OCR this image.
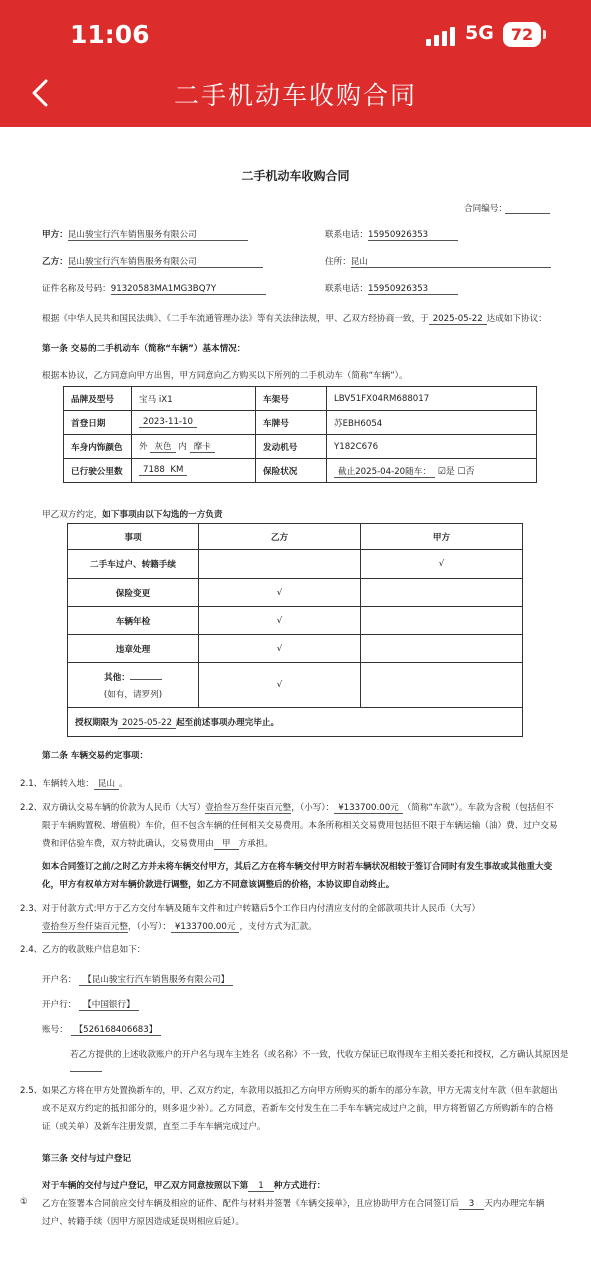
11:06	5G	72
二手机动车收购合同
二手机动车收购合同
合同编号：
甲方：昆山骏宝行汽车销售服务有限公司	联系电话：15950926353
乙方：昆山骏宝行汽车销售服务有限公司	住所：昆山
证件名称及号码：91320583MA1MG3BQ7Y	联系电话：15950926353
根据《中华人民共和国民法典》、《二手车流通管理办法》等有关法律法规，甲、乙双方经协商一致，于 2025-05-22 达成如下协议：
第一条 交易的二手机动车（简称“车辆”）基本情况：
根据本协议，乙方同意向甲方出售，甲方同意向乙方购买以下所列的二手机动车（简称“车辆”）。
品牌及型号	宝马 iX1	车架号	LBV51FX04RM688017
首登日期	2023-11-10	车牌号	苏EBH6054
车身内饰颜色	外 灰色 内 摩卡	发动机号	Y182C676
已行驶公里数	7188 KM	保险状况	截止2025-04-20随车： ☑是 ☐否
甲乙双方约定，如下事项由以下勾选的一方负责
事项	乙方	甲方
二手车过户、转籍手续		√
保险变更	√	
车辆年检	√	
违章处理	√	

其他：
(如有，请罗列)	√	
授权期限为 2025-05-22 起至前述事项办理完毕止。		
第二条 车辆交易约定事项：
2.1、车辆转入地： 昆山 。
2.2、 双方确认交易车辆的价款为人民币（大写）壹拾叁万叁仟柒百元整，（小写）： ¥133700.00元 （简称“车款”）。车款为含税（包括但不
限于车辆购置税、增值税）车价，但不包含车辆的任何相关交易费用。本条所称相关交易费用包括但不限于车辆运输（油）费、过户交易
费和评估验车费，双方特此确认，交易费用由 甲 方承担。
如本合同签订之前/之时乙方并未将车辆交付甲方，其后乙方在将车辆交付甲方时若车辆状况相较于签订合同时有发生事故或其他重大变
化，甲方有权单方对车辆价款进行调整，如乙方不同意该调整后的价格，本协议即自动终止。
2.3、 对于付款方式:甲方于乙方交付车辆及随车文件和过户转籍后5个工作日内付清应支付的全部款项共计人民币（大写）
壹拾叁万叁仟柒百元整，（小写）： ¥133700.00元 ，支付方式为汇款。
2.4、乙方的收款账户信息如下：
开户名： 【昆山骏宝行汽车销售服务有限公司】
开户行： 【中国银行】
账号： 【526168406683】
若乙方提供的上述收款账户的开户名与现车主姓名（或名称）不一致，代收方保证已取得现车主相关委托和授权，乙方确认其原因是
2.5、 如果乙方将在甲方处置换新车的，甲、乙双方约定，车款用以抵扣乙方向甲方所购买的新车的部分车款，甲方无需支付车款（但车款超出
或不足双方约定的抵扣部分的，则多退少补）。乙方同意，若新车交付发生在二手车车辆完成过户之前，甲方将暂留乙方所购新车的合格
证（或关单）及新车注册发票，直至二手车车辆完成过户。
第三条 交付与过户登记
对于车辆的交付与过户登记，甲乙双方同意按照以下第 1 种方式进行：
① 乙方在签署本合同前应交付车辆及相应的证件、配件与材料并签署《车辆交接单》，且应协助甲方在合同签订后 3 天内办理完车辆
过户、转籍手续（因甲方原因造成延误则相应后延）。
